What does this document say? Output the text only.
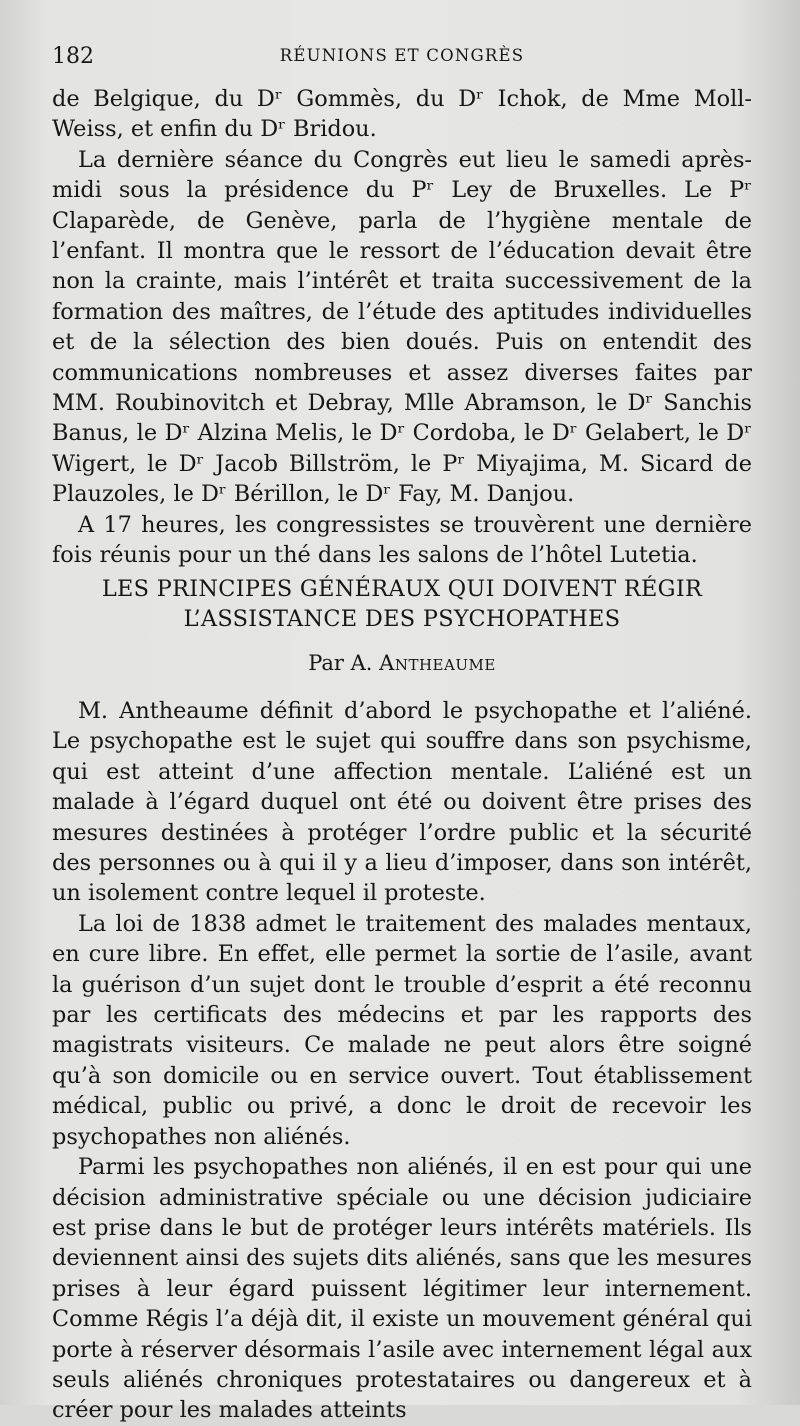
182	RÉUNIONS ET CONGRÈS

de Belgique, du Dʳ Gommès, du Dʳ Ichok, de Mme Moll-Weiss, et enfin du Dʳ Bridou.

La dernière séance du Congrès eut lieu le samedi après-midi sous la présidence du Pʳ Ley de Bruxelles. Le Pʳ Claparède, de Genève, parla de l’hygiène mentale de l’enfant. Il montra que le ressort de l’éducation devait être non la crainte, mais l’intérêt et traita successivement de la formation des maîtres, de l’étude des aptitudes individuelles et de la sélection des bien doués. Puis on entendit des communications nombreuses et assez diverses faites par MM. Roubinovitch et Debray, Mlle Abramson, le Dʳ Sanchis Banus, le Dʳ Alzina Melis, le Dʳ Cordoba, le Dʳ Gelabert, le Dʳ Wigert, le Dʳ Jacob Billström, le Pʳ Miyajima, M. Sicard de Plauzoles, le Dʳ Bérillon, le Dʳ Fay, M. Danjou.

A 17 heures, les congressistes se trouvèrent une dernière fois réunis pour un thé dans les salons de l’hôtel Lutetia.

LES PRINCIPES GÉNÉRAUX QUI DOIVENT RÉGIR
L’ASSISTANCE DES PSYCHOPATHES
Par A. Antheaume

M. Antheaume définit d’abord le psychopathe et l’aliéné. Le psychopathe est le sujet qui souffre dans son psychisme, qui est atteint d’une affection mentale. L’aliéné est un malade à l’égard duquel ont été ou doivent être prises des mesures destinées à protéger l’ordre public et la sécurité des personnes ou à qui il y a lieu d’imposer, dans son intérêt, un isolement contre lequel il proteste.

La loi de 1838 admet le traitement des malades mentaux, en cure libre. En effet, elle permet la sortie de l’asile, avant la guérison d’un sujet dont le trouble d’esprit a été reconnu par les certificats des médecins et par les rapports des magistrats visiteurs. Ce malade ne peut alors être soigné qu’à son domicile ou en service ouvert. Tout établissement médical, public ou privé, a donc le droit de recevoir les psychopathes non aliénés.

Parmi les psychopathes non aliénés, il en est pour qui une décision administrative spéciale ou une décision judiciaire est prise dans le but de protéger leurs intérêts matériels. Ils deviennent ainsi des sujets dits aliénés, sans que les mesures prises à leur égard puissent légitimer leur internement. Comme Régis l’a déjà dit, il existe un mouvement général qui porte à réserver désormais l’asile avec internement légal aux seuls aliénés chroniques protestataires ou dangereux et à créer pour les malades atteints
